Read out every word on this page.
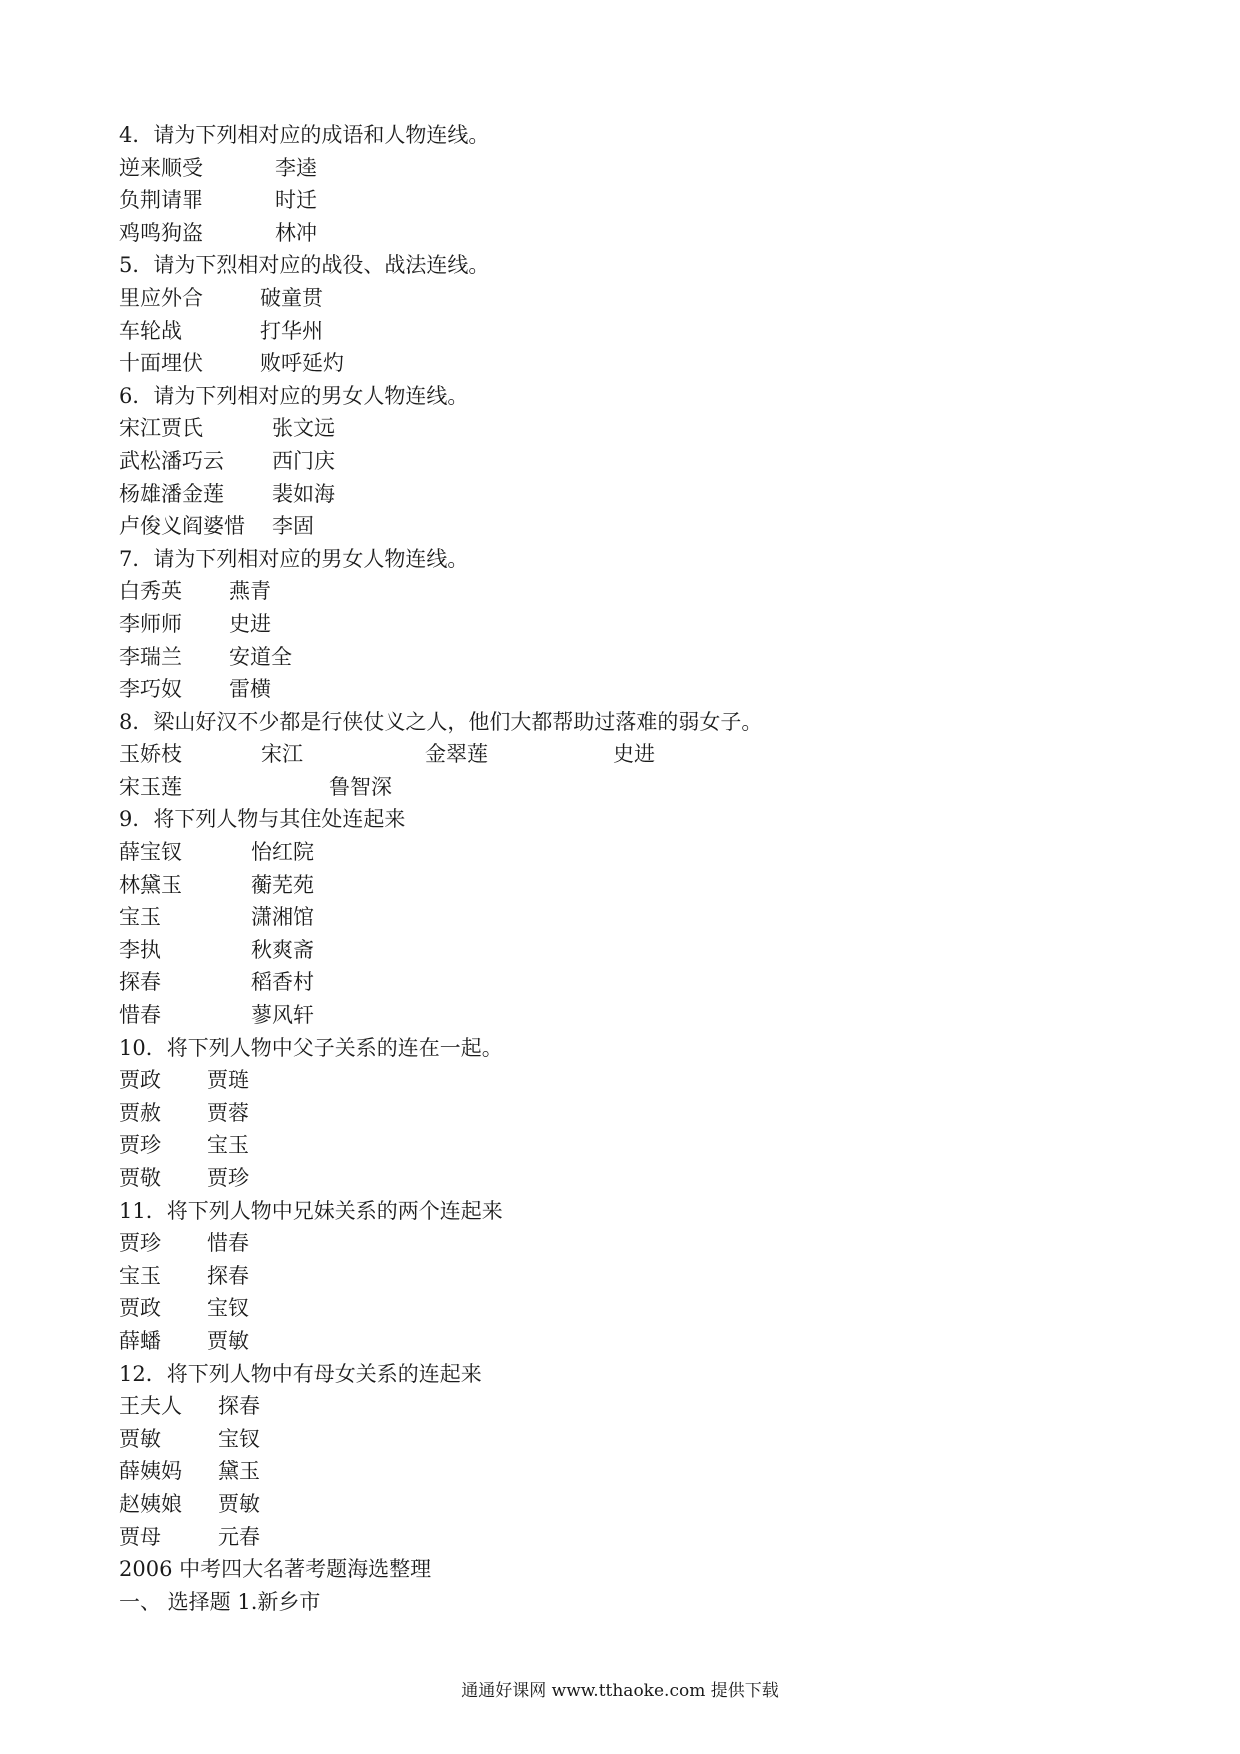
4．请为下列相对应的成语和人物连线。
逆来顺受	李逵
负荆请罪	时迁
鸡鸣狗盗	林冲
5．请为下烈相对应的战役、战法连线。
里应外合	破童贯
车轮战	打华州
十面埋伏	败呼延灼
6．请为下列相对应的男女人物连线。
宋江贾氏	张文远
武松潘巧云 西门庆
杨雄潘金莲 裴如海
卢俊义阎婆惜 李固
7．请为下列相对应的男女人物连线。
白秀英 燕青
李师师 史进
李瑞兰 安道全
李巧奴 雷横
8．梁山好汉不少都是行侠仗义之人，他们大都帮助过落难的弱女子。
玉娇枝	宋江	金翠莲	史进
宋玉莲	鲁智深
9．将下列人物与其住处连起来
薛宝钗	怡红院
林黛玉	蘅芜苑
宝玉	潇湘馆
李执	秋爽斋
探春	稻香村
惜春	蓼风轩
10．将下列人物中父子关系的连在一起。
贾政 贾琏
贾赦 贾蓉
贾珍 宝玉
贾敬 贾珍
11．将下列人物中兄妹关系的两个连起来
贾珍 惜春
宝玉 探春
贾政 宝钗
薛蟠 贾敏
12．将下列人物中有母女关系的连起来
王夫人 探春
贾敏	宝钗
薛姨妈 黛玉
赵姨娘 贾敏
贾母	元春
2006 中考四大名著考题海选整理
一、 选择题 1.新乡市
通通好课网 www.tthaoke.com 提供下载
